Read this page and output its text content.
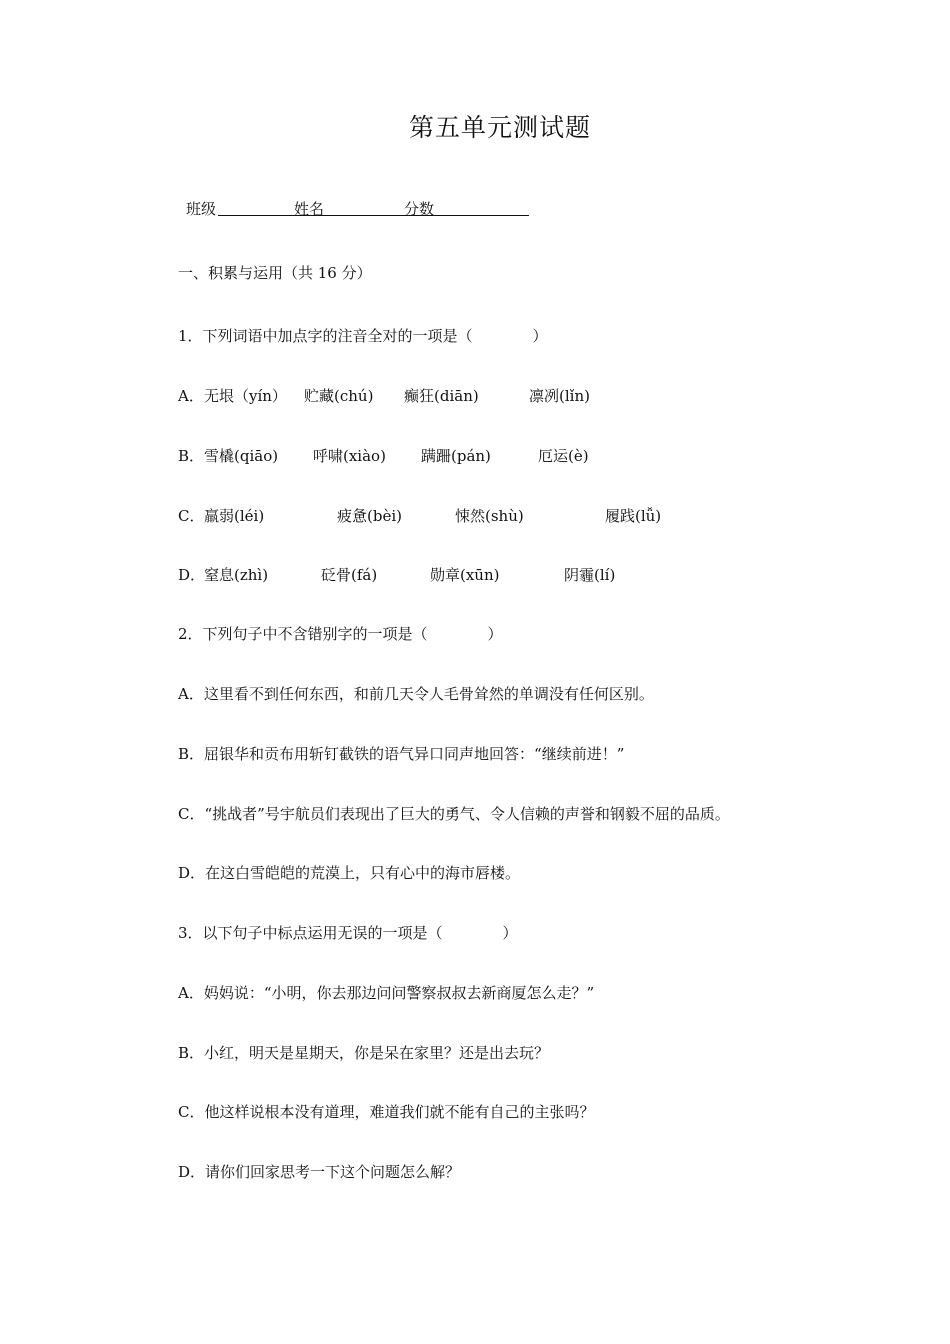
第五单元测试题
班级	姓名	分数
一、积累与运用（共 16 分）
1．下列词语中加点字的注音全对的一项是（　　　　）
A． 无垠（yín） 贮藏(chú) 癫狂(diān)	凛冽(lǐn)
B． 雪橇(qiāo) 呼啸(xiào) 蹒跚(pán)	厄运(è)
C． 羸弱(léi)	疲惫(bèi)	悚然(shù)	履践(lǚ)
D．
窒息(zhì)	砭骨(fá)	勋章(xūn)	阴霾(lí)
2．下列句子中不含错别字的一项是（　　　　）
A．这里看不到任何东西，和前几天令人毛骨耸然的单调没有任何区别。
B．屈银华和贡布用斩钉截铁的语气异口同声地回答：“继续前进！”
C．“挑战者”号宇航员们表现出了巨大的勇气、令人信赖的声誉和钢毅不屈的品质。
D．在这白雪皑皑的荒漠上，只有心中的海市唇楼。
3．以下句子中标点运用无误的一项是（　　　　）
A．妈妈说：“小明，你去那边问问警察叔叔去新商厦怎么走？”
B．小红，明天是星期天，你是呆在家里？还是出去玩？
C．他这样说根本没有道理，难道我们就不能有自己的主张吗？
D．请你们回家思考一下这个问题怎么解？
